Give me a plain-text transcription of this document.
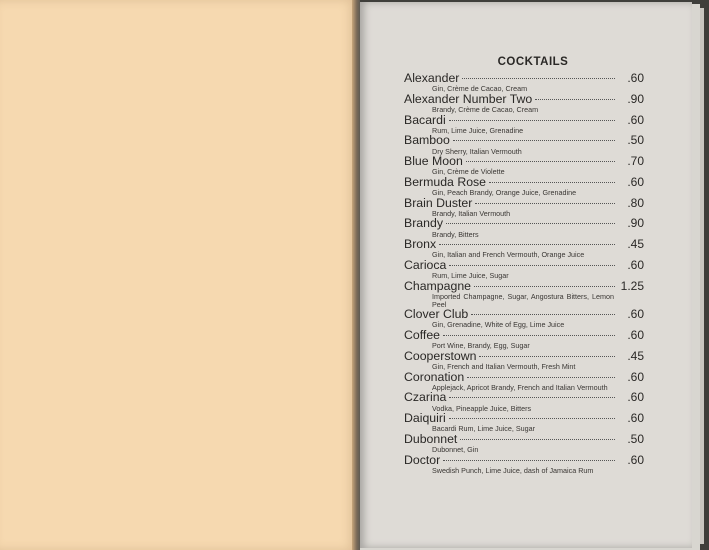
COCKTAILS
Alexander	.60
Gin, Crème de Cacao, Cream
Alexander Number Two	.90
Brandy, Crème de Cacao, Cream
Bacardi	.60
Rum, Lime Juice, Grenadine
Bamboo	.50
Dry Sherry, Italian Vermouth
Blue Moon	.70
Gin, Crème de Violette
Bermuda Rose	.60
Gin, Peach Brandy, Orange Juice, Grenadine
Brain Duster	.80
Brandy, Italian Vermouth
Brandy	.90
Brandy, Bitters
Bronx	.45
Gin, Italian and French Vermouth, Orange Juice
Carioca	.60
Rum, Lime Juice, Sugar
Champagne	1.25
Imported Champagne, Sugar, Angostura Bitters, Lemon Peel
Clover Club	.60
Gin, Grenadine, White of Egg, Lime Juice
Coffee	.60
Port Wine, Brandy, Egg, Sugar
Cooperstown	.45
Gin, French and Italian Vermouth, Fresh Mint
Coronation	.60
Applejack, Apricot Brandy, French and Italian Vermouth
Czarina	.60
Vodka, Pineapple Juice, Bitters
Daiquiri	.60
Bacardi Rum, Lime Juice, Sugar
Dubonnet	.50
Dubonnet, Gin
Doctor	.60
Swedish Punch, Lime Juice, dash of Jamaica Rum
